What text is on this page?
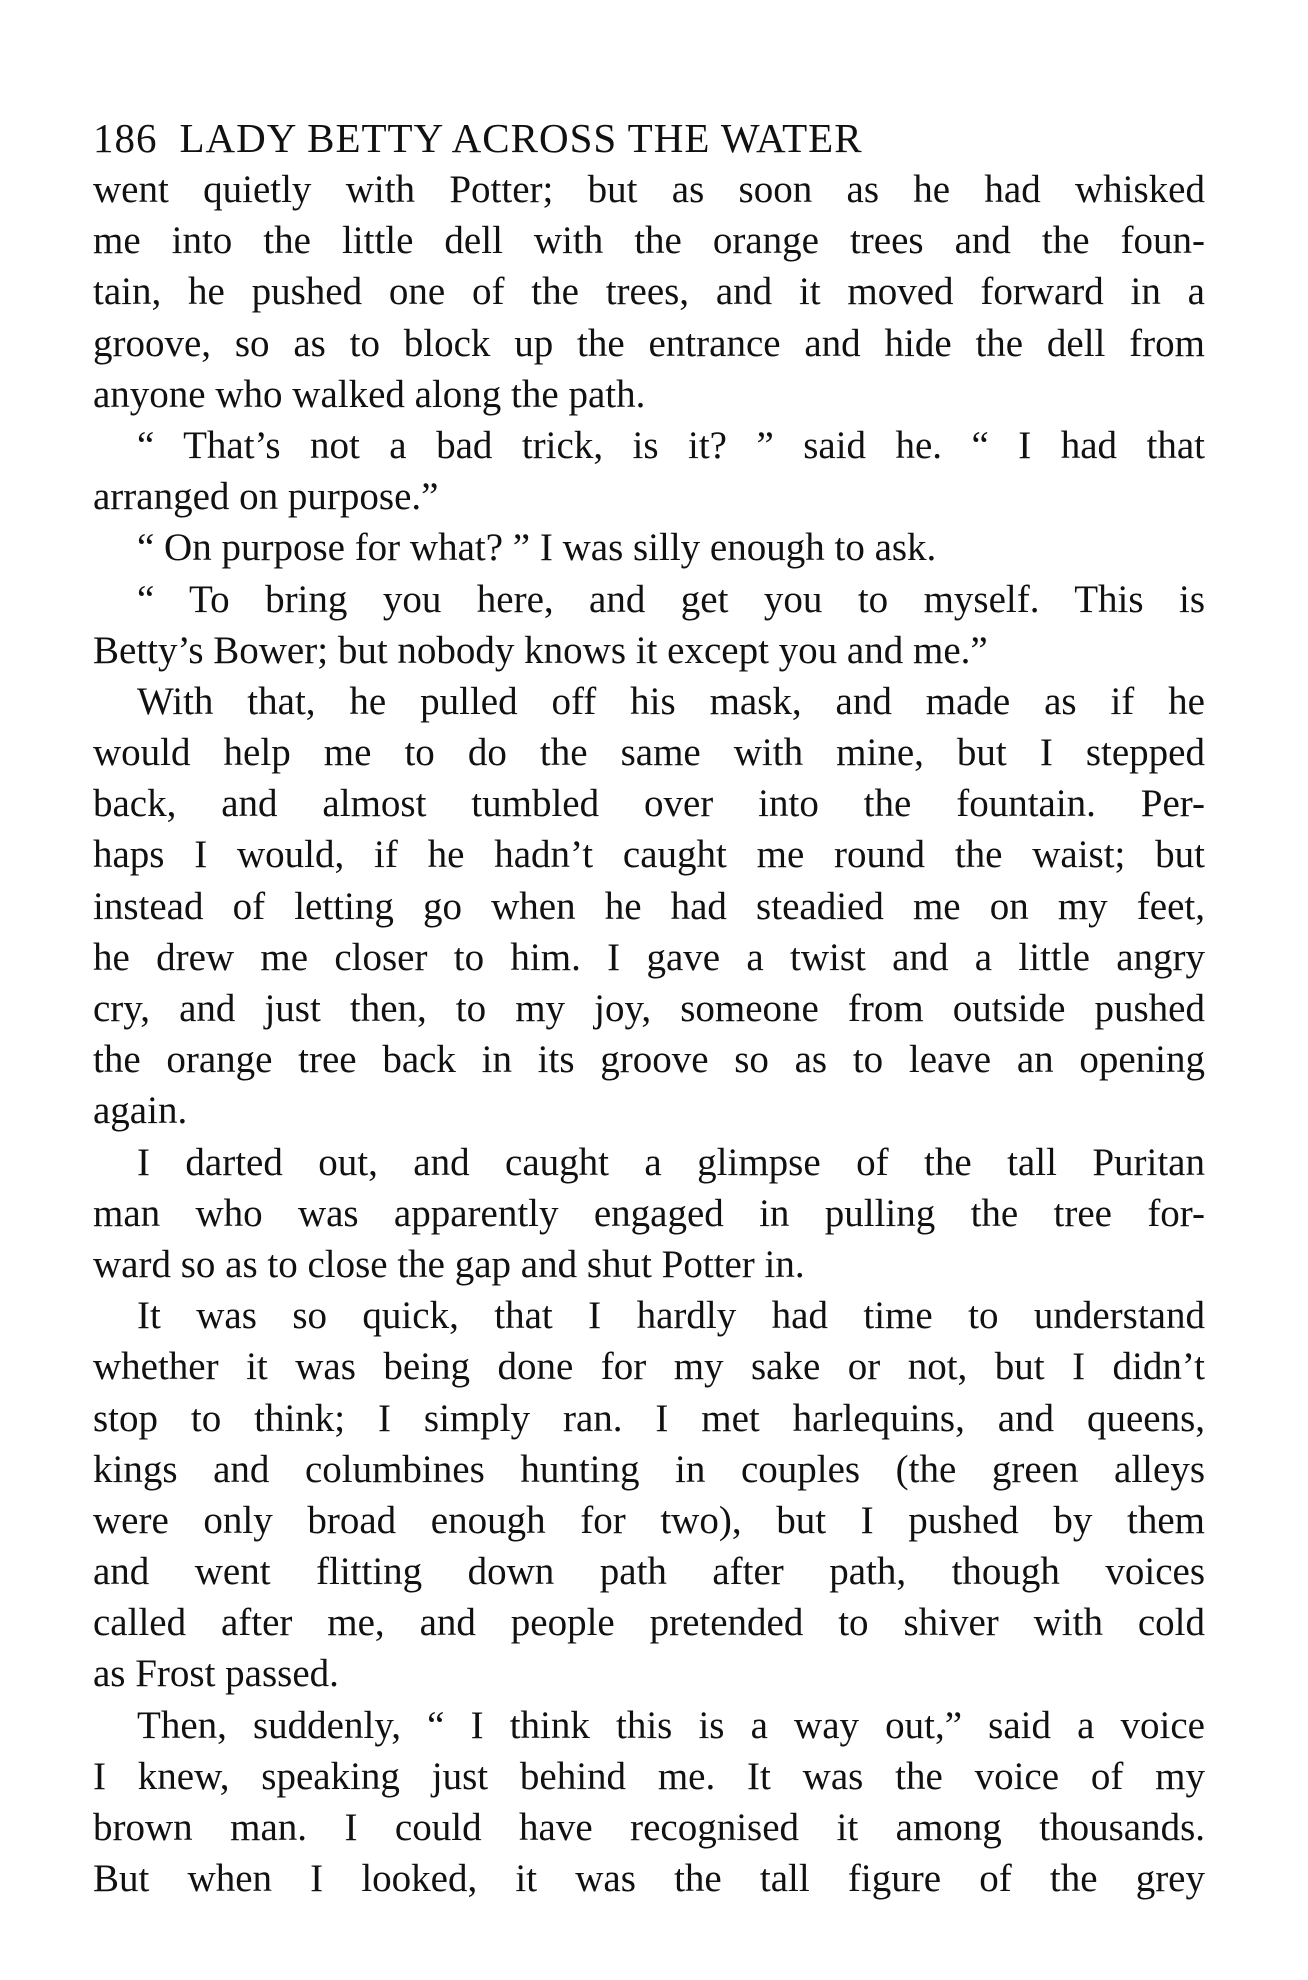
186 LADY BETTY ACROSS THE WATER
went quietly with Potter; but as soon as he had whisked
me into the little dell with the orange trees and the foun-
tain, he pushed one of the trees, and it moved forward in a
groove, so as to block up the entrance and hide the dell from
anyone who walked along the path.
“ That’s not a bad trick, is it? ” said he. “ I had that
arranged on purpose.”
“ On purpose for what? ” I was silly enough to ask.
“ To bring you here, and get you to myself. This is
Betty’s Bower; but nobody knows it except you and me.”
With that, he pulled off his mask, and made as if he
would help me to do the same with mine, but I stepped
back, and almost tumbled over into the fountain. Per-
haps I would, if he hadn’t caught me round the waist; but
instead of letting go when he had steadied me on my feet,
he drew me closer to him. I gave a twist and a little angry
cry, and just then, to my joy, someone from outside pushed
the orange tree back in its groove so as to leave an opening
again.
I darted out, and caught a glimpse of the tall Puritan
man who was apparently engaged in pulling the tree for-
ward so as to close the gap and shut Potter in.
It was so quick, that I hardly had time to understand
whether it was being done for my sake or not, but I didn’t
stop to think; I simply ran. I met harlequins, and queens,
kings and columbines hunting in couples (the green alleys
were only broad enough for two), but I pushed by them
and went flitting down path after path, though voices
called after me, and people pretended to shiver with cold
as Frost passed.
Then, suddenly, “ I think this is a way out,” said a voice
I knew, speaking just behind me. It was the voice of my
brown man. I could have recognised it among thousands.
But when I looked, it was the tall figure of the grey
